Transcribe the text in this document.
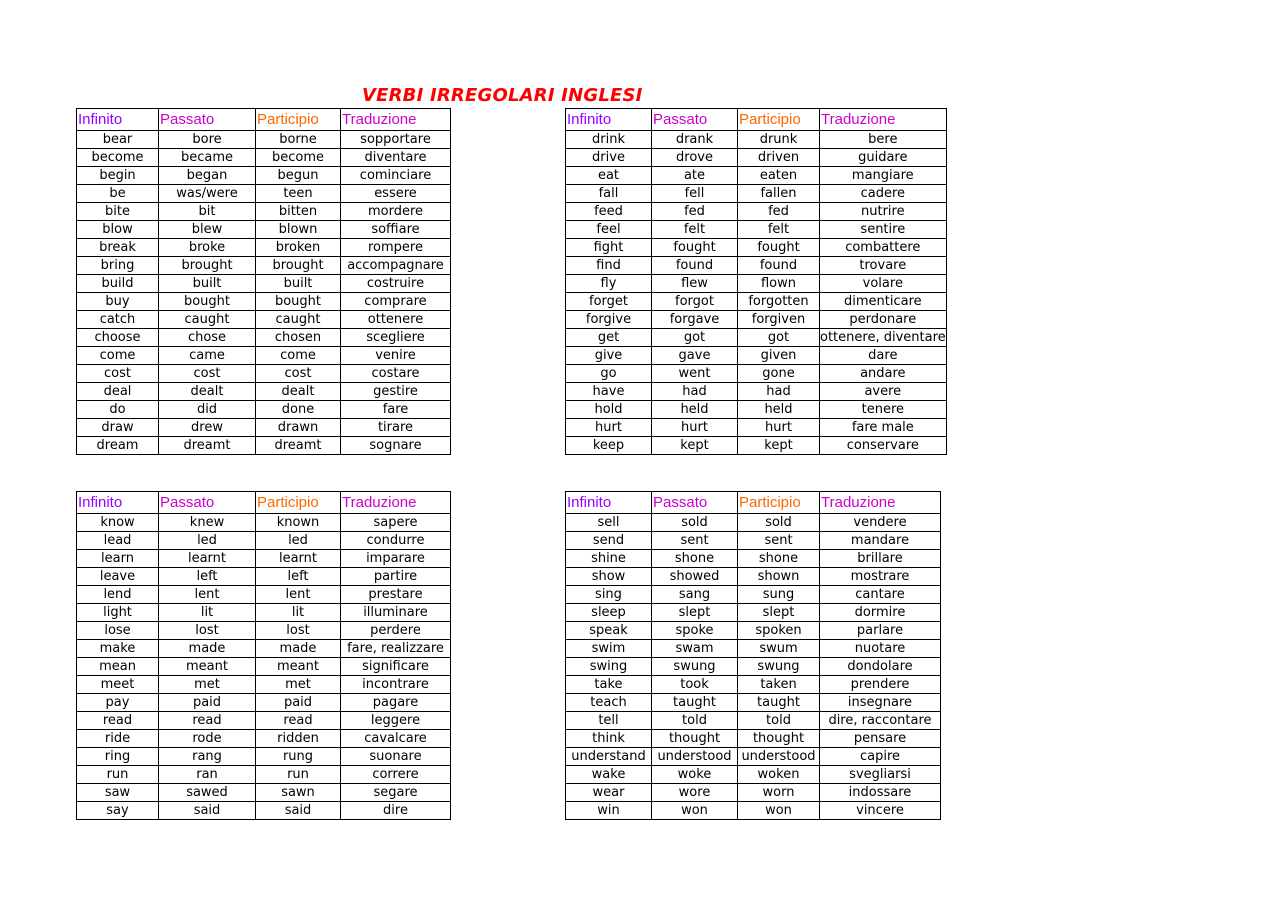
VERBI IRREGOLARI INGLESI
Infinito	Passato	Participio	Traduzione
bear	bore	borne	sopportare
become	became	become	diventare
begin	began	begun	cominciare
be	was/were	teen	essere
bite	bit	bitten	mordere
blow	blew	blown	soffiare
break	broke	broken	rompere
bring	brought	brought	accompagnare
build	built	built	costruire
buy	bought	bought	comprare
catch	caught	caught	ottenere
choose	chose	chosen	scegliere
come	came	come	venire
cost	cost	cost	costare
deal	dealt	dealt	gestire
do	did	done	fare
draw	drew	drawn	tirare
dream	dreamt	dreamt	sognare
Infinito	Passato	Participio	Traduzione
drink	drank	drunk	bere
drive	drove	driven	guidare
eat	ate	eaten	mangiare
fall	fell	fallen	cadere
feed	fed	fed	nutrire
feel	felt	felt	sentire
fight	fought	fought	combattere
find	found	found	trovare
fly	flew	flown	volare
forget	forgot	forgotten	dimenticare
forgive	forgave	forgiven	perdonare
get	got	got	ottenere, diventare
give	gave	given	dare
go	went	gone	andare
have	had	had	avere
hold	held	held	tenere
hurt	hurt	hurt	fare male
keep	kept	kept	conservare
Infinito	Passato	Participio	Traduzione
know	knew	known	sapere
lead	led	led	condurre
learn	learnt	learnt	imparare
leave	left	left	partire
lend	lent	lent	prestare
light	lit	lit	illuminare
lose	lost	lost	perdere
make	made	made	fare, realizzare
mean	meant	meant	significare
meet	met	met	incontrare
pay	paid	paid	pagare
read	read	read	leggere
ride	rode	ridden	cavalcare
ring	rang	rung	suonare
run	ran	run	correre
saw	sawed	sawn	segare
say	said	said	dire
Infinito	Passato	Participio	Traduzione
sell	sold	sold	vendere
send	sent	sent	mandare
shine	shone	shone	brillare
show	showed	shown	mostrare
sing	sang	sung	cantare
sleep	slept	slept	dormire
speak	spoke	spoken	parlare
swim	swam	swum	nuotare
swing	swung	swung	dondolare
take	took	taken	prendere
teach	taught	taught	insegnare
tell	told	told	dire, raccontare
think	thought	thought	pensare
understand	understood	understood	capire
wake	woke	woken	svegliarsi
wear	wore	worn	indossare
win	won	won	vincere
